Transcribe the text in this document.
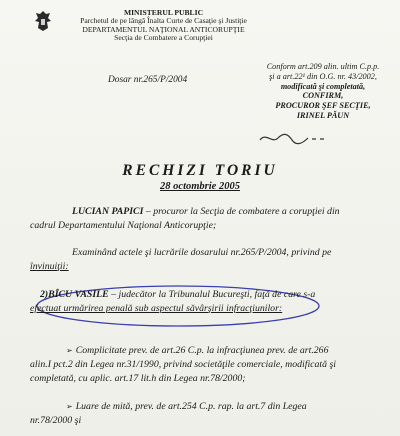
MINISTERUL PUBLIC
Parchetul de pe lângă Înalta Curte de Casaţie şi Justiţie
DEPARTAMENTUL NAŢIONAL ANTICORUPŢIE
Secţia de Combatere a Corupţiei
Dosar nr.265/P/2004
Conform art.209 alin. ultim C.p.p.
şi a art.22¹ din O.G. nr. 43/2002,
modificată şi completată,
CONFIRM,
PROCUROR ŞEF SECŢIE,
IRINEL PĂUN
RECHIZI TORIU
28 octombrie 2005
LUCIAN PAPICI – procuror la Secţia de combatere a corupţiei din
cadrul Departamentului Naţional Anticorupţie;
Examinând actele şi lucrările dosarului nr.265/P/2004, privind pe
învinuiţii:
2)BÎCU VASILE – judecător la Tribunalul Bucureşti, faţă de care s-a
efectuat urmărirea penală sub aspectul săvârşirii infracţiunilor:
➢ Complicitate prev. de art.26 C.p. la infracţiunea prev. de art.266
alin.I pct.2 din Legea nr.31/1990, privind societăţile comerciale, modificată şi
completată, cu aplic. art.17 lit.h din Legea nr.78/2000;
➢ Luare de mită, prev. de art.254 C.p. rap. la art.7 din Legea
nr.78/2000 şi
